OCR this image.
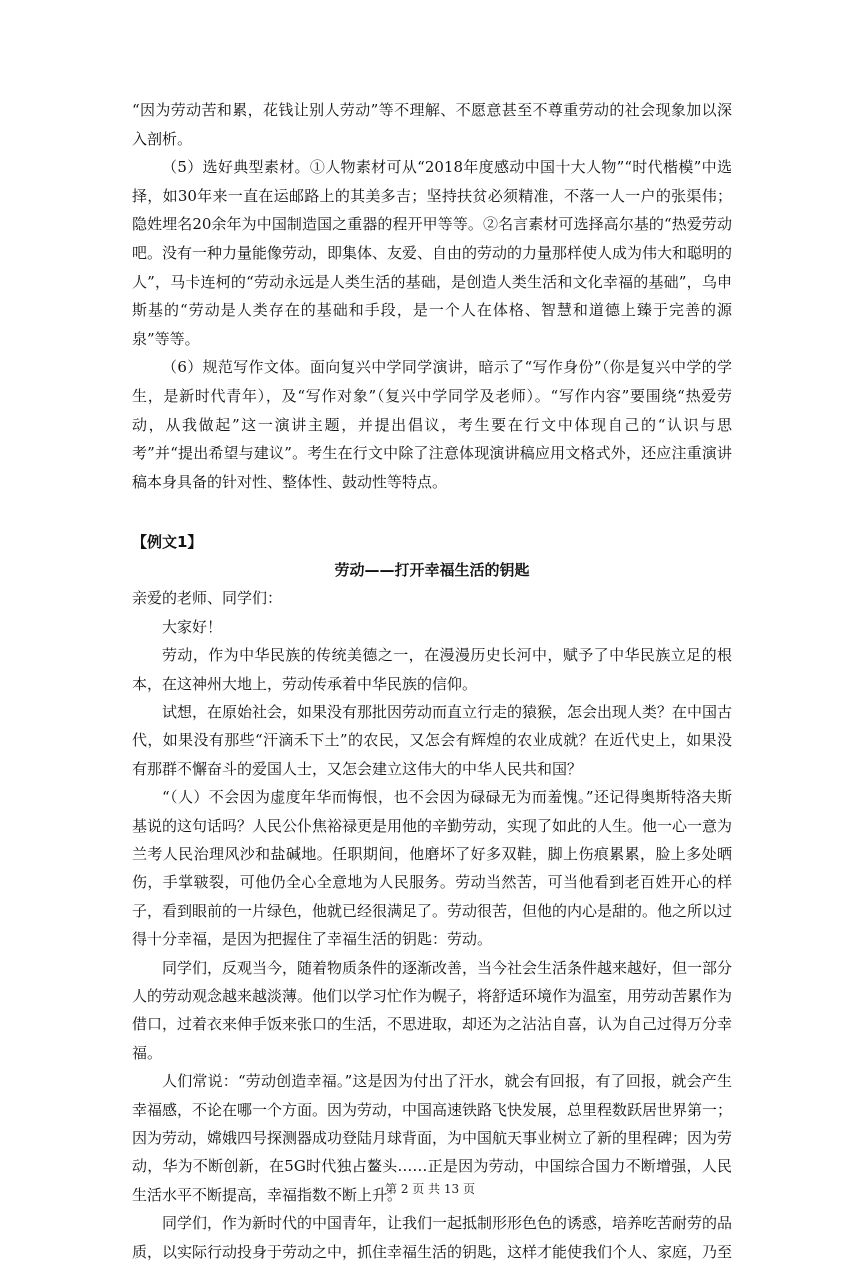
“因为劳动苦和累，花钱让别人劳动”等不理解、不愿意甚至不尊重劳动的社会现象加以深入剖析。

（5）选好典型素材。①人物素材可从“2018年度感动中国十大人物”“时代楷模”中选择，如30年来一直在运邮路上的其美多吉；坚持扶贫必须精准，不落一人一户的张渠伟；隐姓埋名20余年为中国制造国之重器的程开甲等等。②名言素材可选择高尔基的“热爱劳动吧。没有一种力量能像劳动，即集体、友爱、自由的劳动的力量那样使人成为伟大和聪明的人”，马卡连柯的“劳动永远是人类生活的基础，是创造人类生活和文化幸福的基础”，乌申斯基的“劳动是人类存在的基础和手段，是一个人在体格、智慧和道德上臻于完善的源泉”等等。

（6）规范写作文体。面向复兴中学同学演讲，暗示了“写作身份”（你是复兴中学的学生，是新时代青年），及“写作对象”（复兴中学同学及老师）。“写作内容”要围绕“热爱劳动，从我做起”这一演讲主题，并提出倡议，考生要在行文中体现自己的“认识与思考”并“提出希望与建议”。考生在行文中除了注意体现演讲稿应用文格式外，还应注重演讲稿本身具备的针对性、整体性、鼓动性等特点。

【例文1】
劳动——打开幸福生活的钥匙

亲爱的老师、同学们：

大家好！

劳动，作为中华民族的传统美德之一，在漫漫历史长河中，赋予了中华民族立足的根本，在这神州大地上，劳动传承着中华民族的信仰。

试想，在原始社会，如果没有那批因劳动而直立行走的猿猴，怎会出现人类？在中国古代，如果没有那些“汗滴禾下土”的农民，又怎会有辉煌的农业成就？在近代史上，如果没有那群不懈奋斗的爱国人士，又怎会建立这伟大的中华人民共和国？

“（人）不会因为虚度年华而悔恨，也不会因为碌碌无为而羞愧。”还记得奥斯特洛夫斯基说的这句话吗？人民公仆焦裕禄更是用他的辛勤劳动，实现了如此的人生。他一心一意为兰考人民治理风沙和盐碱地。任职期间，他磨坏了好多双鞋，脚上伤痕累累，脸上多处晒伤，手掌皲裂，可他仍全心全意地为人民服务。劳动当然苦，可当他看到老百姓开心的样子，看到眼前的一片绿色，他就已经很满足了。劳动很苦，但他的内心是甜的。他之所以过得十分幸福，是因为把握住了幸福生活的钥匙：劳动。

同学们，反观当今，随着物质条件的逐渐改善，当今社会生活条件越来越好，但一部分人的劳动观念越来越淡薄。他们以学习忙作为幌子，将舒适环境作为温室，用劳动苦累作为借口，过着衣来伸手饭来张口的生活，不思进取，却还为之沾沾自喜，认为自己过得万分幸福。

人们常说：“劳动创造幸福。”这是因为付出了汗水，就会有回报，有了回报，就会产生幸福感，不论在哪一个方面。因为劳动，中国高速铁路飞快发展，总里程数跃居世界第一；因为劳动，嫦娥四号探测器成功登陆月球背面，为中国航天事业树立了新的里程碑；因为劳动，华为不断创新，在5G时代独占鳌头……正是因为劳动，中国综合国力不断增强，人民生活水平不断提高，幸福指数不断上升。

同学们，作为新时代的中国青年，让我们一起抵制形形色色的诱惑，培养吃苦耐劳的品质，以实际行动投身于劳动之中，抓住幸福生活的钥匙，这样才能使我们个人、家庭，乃至

第 2 页 共 13 页
